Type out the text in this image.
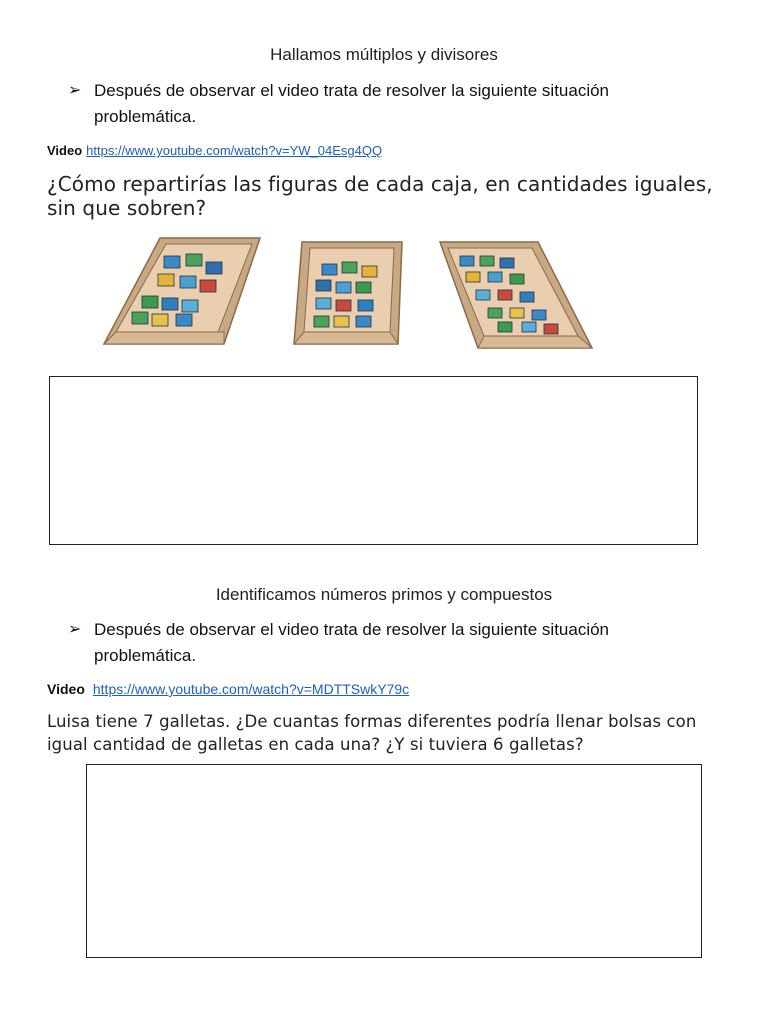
Hallamos múltiplos y divisores
➢ Después de observar el video trata de resolver la siguiente situación problemática.
Video https://www.youtube.com/watch?v=YW_04Esg4QQ
¿Cómo repartirías las figuras de cada caja, en cantidades iguales, sin que sobren?
Identificamos números primos y compuestos
➢ Después de observar el video trata de resolver la siguiente situación problemática.
Video https://www.youtube.com/watch?v=MDTTSwkY79c
Luisa tiene 7 galletas. ¿De cuantas formas diferentes podría llenar bolsas con igual cantidad de galletas en cada una? ¿Y si tuviera 6 galletas?
